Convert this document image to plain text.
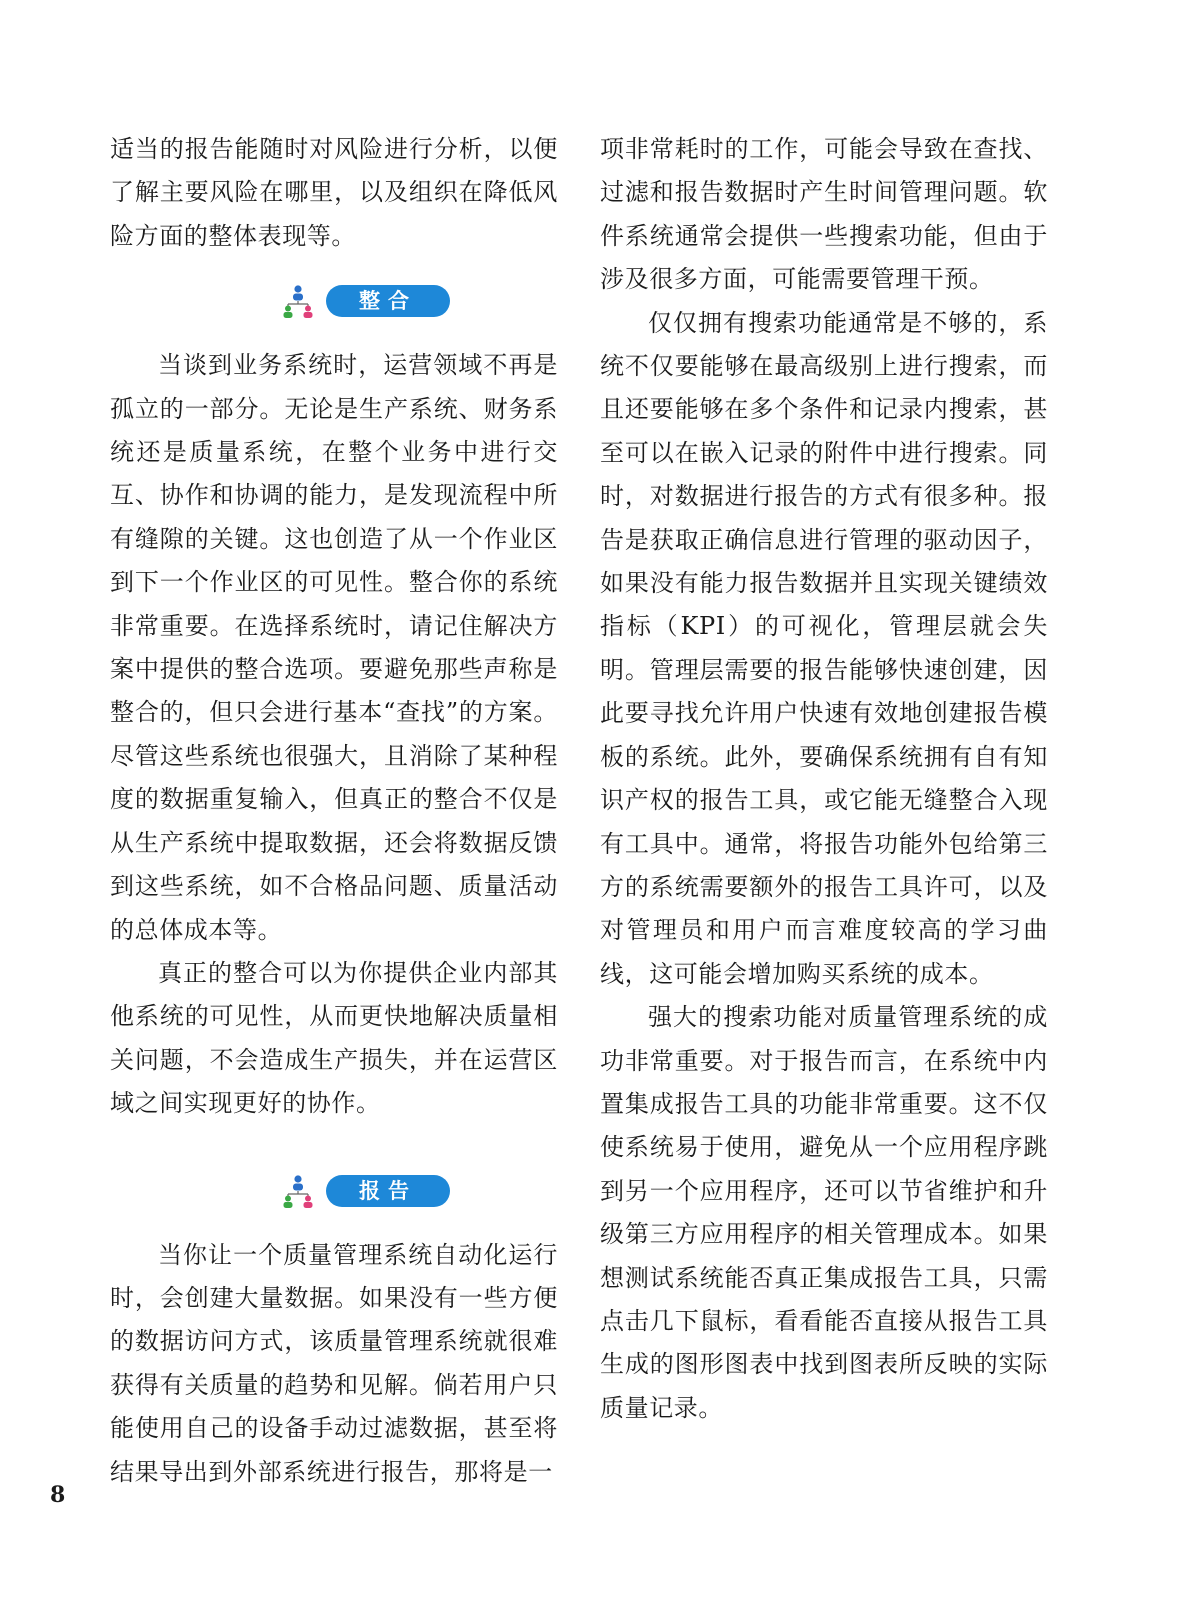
适当的报告能随时对风险进行分析，以便了解主要风险在哪里，以及组织在降低风险方面的整体表现等。

整合

当谈到业务系统时，运营领域不再是孤立的一部分。无论是生产系统、财务系统还是质量系统，在整个业务中进行交互、协作和协调的能力，是发现流程中所有缝隙的关键。这也创造了从一个作业区到下一个作业区的可见性。整合你的系统非常重要。在选择系统时，请记住解决方案中提供的整合选项。要避免那些声称是整合的，但只会进行基本“查找”的方案。尽管这些系统也很强大，且消除了某种程度的数据重复输入，但真正的整合不仅是从生产系统中提取数据，还会将数据反馈到这些系统，如不合格品问题、质量活动的总体成本等。

真正的整合可以为你提供企业内部其他系统的可见性，从而更快地解决质量相关问题，不会造成生产损失，并在运营区域之间实现更好的协作。

报告

当你让一个质量管理系统自动化运行时，会创建大量数据。如果没有一些方便的数据访问方式，该质量管理系统就很难获得有关质量的趋势和见解。倘若用户只能使用自己的设备手动过滤数据，甚至将结果导出到外部系统进行报告，那将是一

项非常耗时的工作，可能会导致在查找、过滤和报告数据时产生时间管理问题。软件系统通常会提供一些搜索功能，但由于涉及很多方面，可能需要管理干预。

仅仅拥有搜索功能通常是不够的，系统不仅要能够在最高级别上进行搜索，而且还要能够在多个条件和记录内搜索，甚至可以在嵌入记录的附件中进行搜索。同时，对数据进行报告的方式有很多种。报告是获取正确信息进行管理的驱动因子，如果没有能力报告数据并且实现关键绩效指标（KPI）的可视化，管理层就会失明。管理层需要的报告能够快速创建，因此要寻找允许用户快速有效地创建报告模板的系统。此外，要确保系统拥有自有知识产权的报告工具，或它能无缝整合入现有工具中。通常，将报告功能外包给第三方的系统需要额外的报告工具许可，以及对管理员和用户而言难度较高的学习曲线，这可能会增加购买系统的成本。

强大的搜索功能对质量管理系统的成功非常重要。对于报告而言，在系统中内置集成报告工具的功能非常重要。这不仅使系统易于使用，避免从一个应用程序跳到另一个应用程序，还可以节省维护和升级第三方应用程序的相关管理成本。如果想测试系统能否真正集成报告工具，只需点击几下鼠标，看看能否直接从报告工具生成的图形图表中找到图表所反映的实际质量记录。

8
